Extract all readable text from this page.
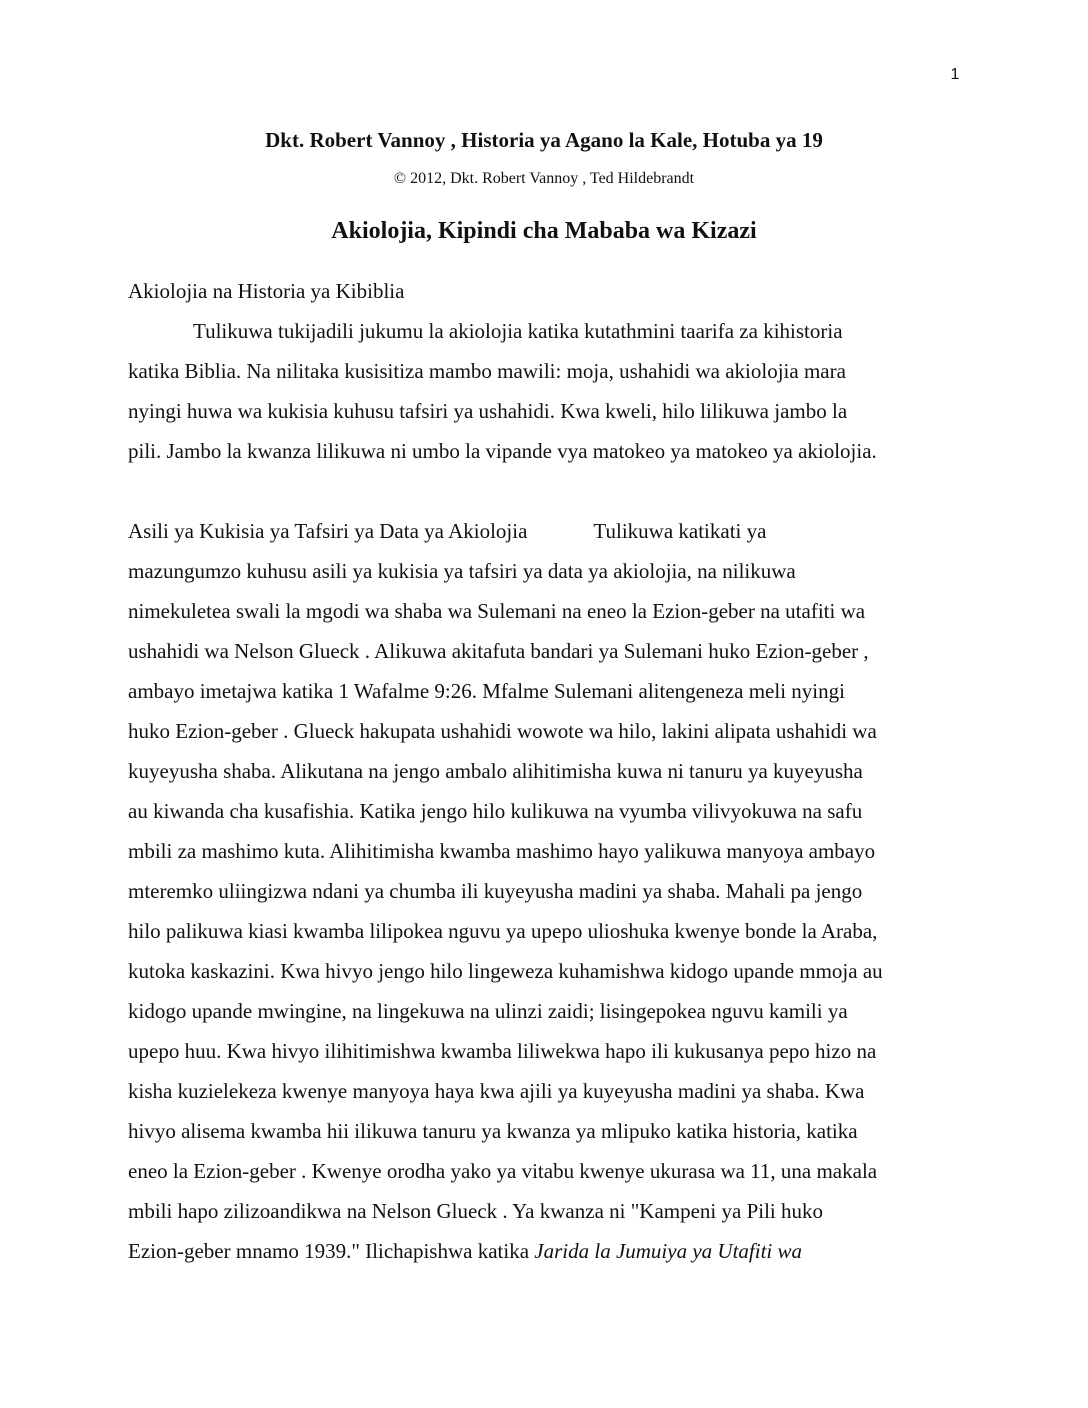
1
Dkt. Robert Vannoy , Historia ya Agano la Kale, Hotuba ya 19
© 2012, Dkt. Robert Vannoy , Ted Hildebrandt
Akiolojia, Kipindi cha Mababa wa Kizazi
Akiolojia na Historia ya Kibiblia
Tulikuwa tukijadili jukumu la akiolojia katika kutathmini taarifa za kihistoria
katika Biblia. Na nilitaka kusisitiza mambo mawili: moja, ushahidi wa akiolojia mara
nyingi huwa wa kukisia kuhusu tafsiri ya ushahidi. Kwa kweli, hilo lilikuwa jambo la
pili. Jambo la kwanza lilikuwa ni umbo la vipande vya matokeo ya matokeo ya akiolojia.
Asili ya Kukisia ya Tafsiri ya Data ya Akiolojia	Tulikuwa katikati ya
mazungumzo kuhusu asili ya kukisia ya tafsiri ya data ya akiolojia, na nilikuwa
nimekuletea swali la mgodi wa shaba wa Sulemani na eneo la Ezion-geber na utafiti wa
ushahidi wa Nelson Glueck . Alikuwa akitafuta bandari ya Sulemani huko Ezion-geber ,
ambayo imetajwa katika 1 Wafalme 9:26. Mfalme Sulemani alitengeneza meli nyingi
huko Ezion-geber . Glueck hakupata ushahidi wowote wa hilo, lakini alipata ushahidi wa
kuyeyusha shaba. Alikutana na jengo ambalo alihitimisha kuwa ni tanuru ya kuyeyusha
au kiwanda cha kusafishia. Katika jengo hilo kulikuwa na vyumba vilivyokuwa na safu
mbili za mashimo kuta. Alihitimisha kwamba mashimo hayo yalikuwa manyoya ambayo
mteremko uliingizwa ndani ya chumba ili kuyeyusha madini ya shaba. Mahali pa jengo
hilo palikuwa kiasi kwamba lilipokea nguvu ya upepo ulioshuka kwenye bonde la Araba,
kutoka kaskazini. Kwa hivyo jengo hilo lingeweza kuhamishwa kidogo upande mmoja au
kidogo upande mwingine, na lingekuwa na ulinzi zaidi; lisingepokea nguvu kamili ya
upepo huu. Kwa hivyo ilihitimishwa kwamba liliwekwa hapo ili kukusanya pepo hizo na
kisha kuzielekeza kwenye manyoya haya kwa ajili ya kuyeyusha madini ya shaba. Kwa
hivyo alisema kwamba hii ilikuwa tanuru ya kwanza ya mlipuko katika historia, katika
eneo la Ezion-geber . Kwenye orodha yako ya vitabu kwenye ukurasa wa 11, una makala
mbili hapo zilizoandikwa na Nelson Glueck . Ya kwanza ni "Kampeni ya Pili huko
Ezion-geber mnamo 1939." Ilichapishwa katika Jarida la Jumuiya ya Utafiti wa
